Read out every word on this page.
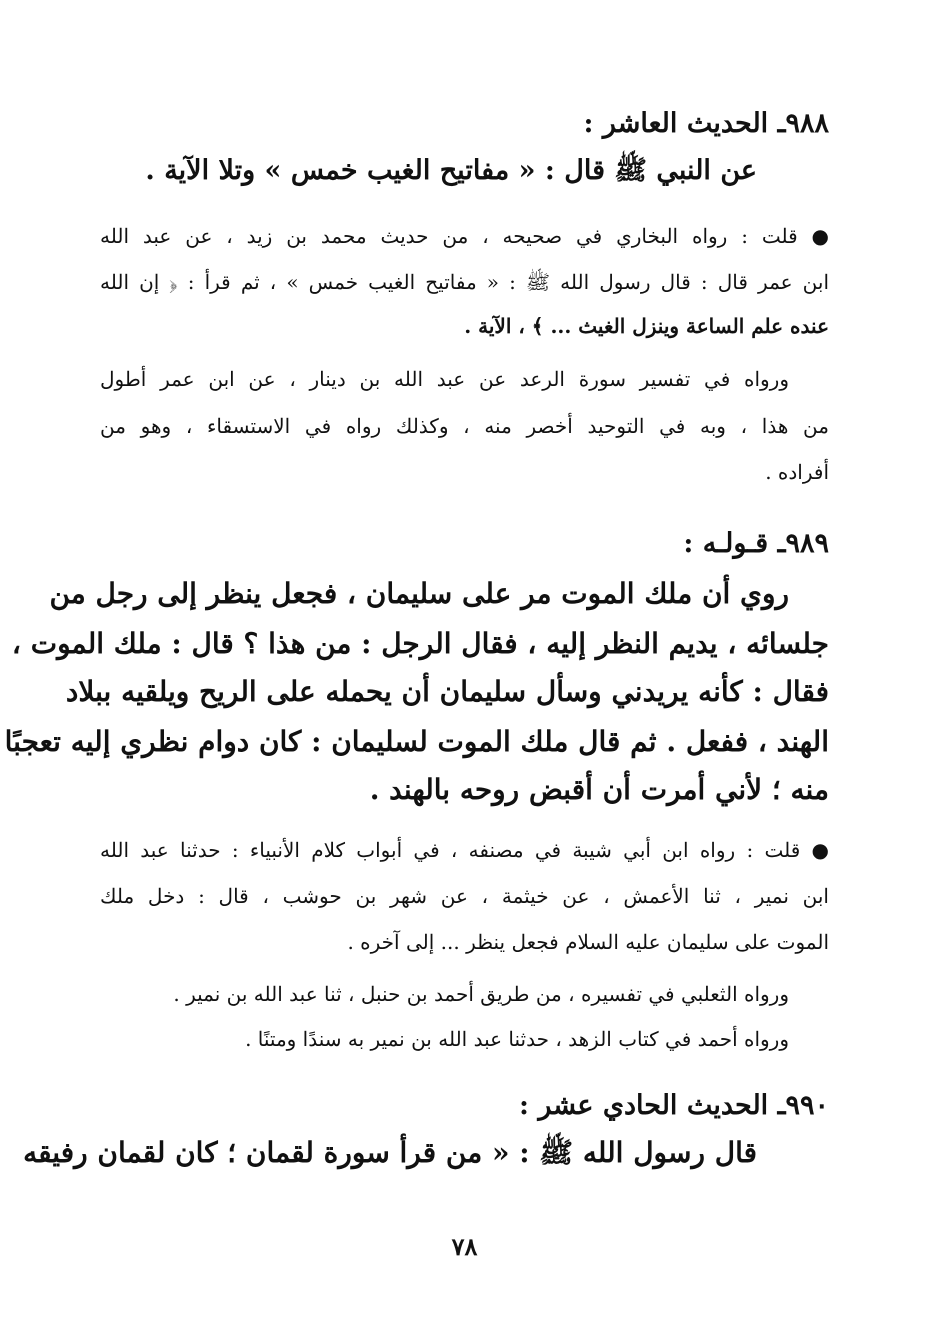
٩٨٨ـ الحديث العاشر :
عن النبي ﷺ قال : « مفاتيح الغيب خمس » وتلا الآية .
● قلت : رواه البخاري في صحيحه ، من حديث محمد بن زيد ، عن عبد الله
ابن عمر قال : قال رسول الله ﷺ : « مفاتيح الغيب خمس » ، ثم قرأ : ﴿ إن الله
عنده علم الساعة وينزل الغيث ... ﴾ ، الآية .
ورواه في تفسير سورة الرعد عن عبد الله بن دينار ، عن ابن عمر أطول
من هذا ، وبه في التوحيد أخصر منه ، وكذلك رواه في الاستسقاء ، وهو من
أفراده .
٩٨٩ـ قـولـه :
روي أن ملك الموت مر على سليمان ، فجعل ينظر إلى رجل من
جلسائه ، يديم النظر إليه ، فقال الرجل : من هذا ؟ قال : ملك الموت ،
فقال : كأنه يريدني وسأل سليمان أن يحمله على الريح ويلقيه ببلاد
الهند ، ففعل . ثم قال ملك الموت لسليمان : كان دوام نظري إليه تعجبًا
منه ؛ لأني أمرت أن أقبض روحه بالهند .
● قلت : رواه ابن أبي شيبة في مصنفه ، في أبواب كلام الأنبياء : حدثنا عبد الله
ابن نمير ، ثنا الأعمش ، عن خيثمة ، عن شهر بن حوشب ، قال : دخل ملك
الموت على سليمان عليه السلام فجعل ينظر ... إلى آخره .
ورواه الثعلبي في تفسيره ، من طريق أحمد بن حنبل ، ثنا عبد الله بن نمير .
ورواه أحمد في كتاب الزهد ، حدثنا عبد الله بن نمير به سندًا ومتنًا .
٩٩٠ـ الحديث الحادي عشر :
قال رسول الله ﷺ : « من قرأ سورة لقمان ؛ كان لقمان رفيقه
٧٨
